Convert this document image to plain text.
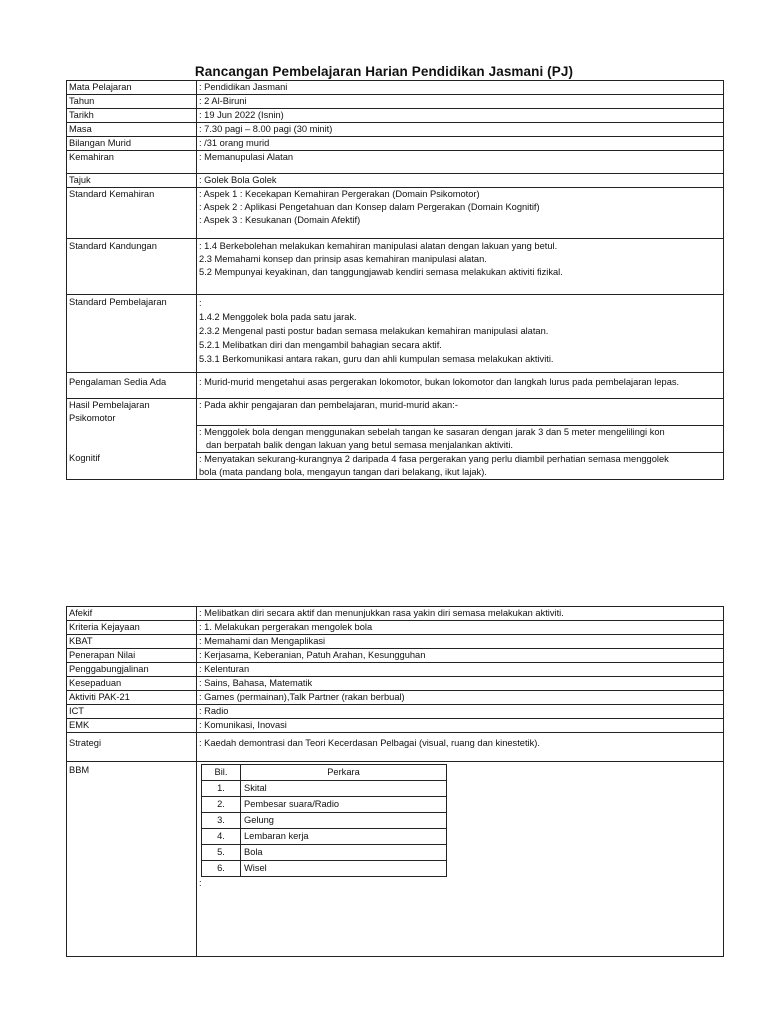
Rancangan Pembelajaran Harian Pendidikan Jasmani (PJ)
Mata Pelajaran	: Pendidikan Jasmani
Tahun	: 2 Al-Biruni
Tarikh	: 19 Jun 2022 (Isnin)
Masa	: 7.30 pagi – 8.00 pagi (30 minit)
Bilangan Murid	: /31 orang murid
Kemahiran	: Memanupulasi Alatan
Tajuk	: Golek Bola Golek
Standard Kemahiran	: Aspek 1 : Kecekapan Kemahiran Pergerakan (Domain Psikomotor)
: Aspek 2 : Aplikasi Pengetahuan dan Konsep dalam Pergerakan (Domain Kognitif)
: Aspek 3 : Kesukanan (Domain Afektif)

Standard Kandungan	: 1.4 Berkebolehan melakukan kemahiran manipulasi alatan dengan lakuan yang betul.
2.3 Memahami konsep dan prinsip asas kemahiran manipulasi alatan.
5.2 Mempunyai keyakinan, dan tanggungjawab kendiri semasa melakukan aktiviti fizikal.

Standard Pembelajaran	:
1.4.2 Menggolek bola pada satu jarak.
2.3.2 Mengenal pasti postur badan semasa melakukan kemahiran manipulasi alatan.
5.2.1 Melibatkan diri dan mengambil bahagian secara aktif.
5.3.1 Berkomunikasi antara rakan, guru dan ahli kumpulan semasa melakukan aktiviti.

Pengalaman Sedia Ada	: Murid-murid mengetahui asas pergerakan lokomotor, bukan lokomotor dan langkah lurus pada pembelajaran lepas.

Hasil Pembelajaran
Psikomotor	: Pada akhir pengajaran dan pembelajaran, murid-murid akan:-

	: Menggolek bola dengan menggunakan sebelah tangan ke sasaran dengan jarak 3 dan 5 meter mengelilingi kon
dan berpatah balik dengan lakuan yang betul semasa menjalankan aktiviti.

Kognitif	: Menyatakan sekurang-kurangnya 2 daripada 4 fasa pergerakan yang perlu diambil perhatian semasa menggolek
bola (mata pandang bola, mengayun tangan dari belakang, ikut lajak).
Afekif	: Melibatkan diri secara aktif dan menunjukkan rasa yakin diri semasa melakukan aktiviti.
Kriteria Kejayaan	: 1. Melakukan pergerakan mengolek bola
KBAT	: Memahami dan Mengaplikasi
Penerapan Nilai	: Kerjasama, Keberanian, Patuh Arahan, Kesungguhan
Penggabungjalinan	: Kelenturan
Kesepaduan	: Sains, Bahasa, Matematik
Aktiviti PAK-21	: Games (permainan),Talk Partner (rakan berbual)
ICT	: Radio
EMK	: Komunikasi, Inovasi
Strategi	: Kaedah demontrasi dan Teori Kecerdasan Pelbagai (visual, ruang dan kinestetik).
BBM		Bil.	Perkara
1.	Skital
2.	Pembesar suara/Radio
3.	Gelung
4.	Lembaran kerja
5.	Bola
6.	Wisel
:
